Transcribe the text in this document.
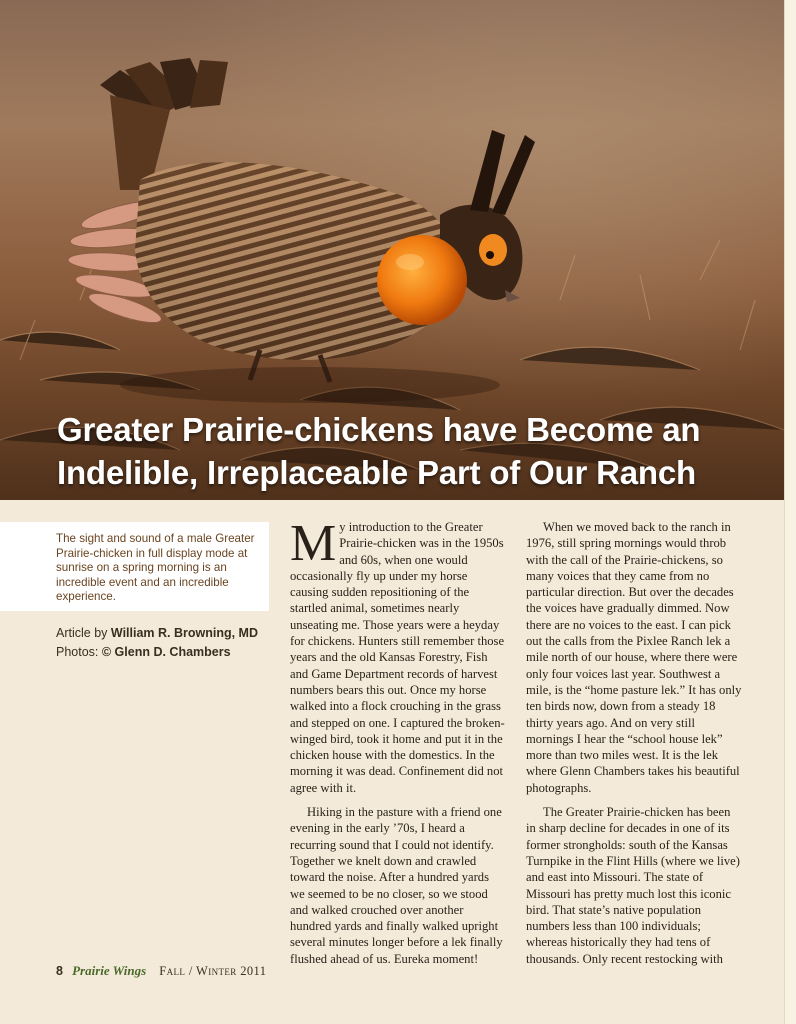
Greater Prairie-chickens have Become an
Indelible, Irreplaceable Part of Our Ranch

The sight and sound of a male Greater Prairie-chicken in full display mode at sunrise on a spring morning is an incredible event and an incredible experience.

Article by William R. Browning, MD
Photos: © Glenn D. Chambers

My introduction to the Greater Prairie-chicken was in the 1950s and 60s, when one would occasionally fly up under my horse causing sudden repositioning of the startled animal, sometimes nearly unseating me. Those years were a heyday for chickens. Hunters still remember those years and the old Kansas Forestry, Fish and Game Department records of harvest numbers bears this out. Once my horse walked into a flock crouching in the grass and stepped on one. I captured the broken-winged bird, took it home and put it in the chicken house with the domestics. In the morning it was dead. Confinement did not agree with it.

Hiking in the pasture with a friend one evening in the early ’70s, I heard a recurring sound that I could not identify. Together we knelt down and crawled toward the noise. After a hundred yards we seemed to be no closer, so we stood and walked crouched over another hundred yards and finally walked upright several minutes longer before a lek finally flushed ahead of us. Eureka moment!

When we moved back to the ranch in 1976, still spring mornings would throb with the call of the Prairie-chickens, so many voices that they came from no particular direction. But over the decades the voices have gradually dimmed. Now there are no voices to the east. I can pick out the calls from the Pixlee Ranch lek a mile north of our house, where there were only four voices last year. Southwest a mile, is the “home pasture lek.” It has only ten birds now, down from a steady 18 thirty years ago. And on very still mornings I hear the “school house lek” more than two miles west. It is the lek where Glenn Chambers takes his beautiful photographs.

The Greater Prairie-chicken has been in sharp decline for decades in one of its former strongholds: south of the Kansas Turnpike in the Flint Hills (where we live) and east into Missouri. The state of Missouri has pretty much lost this iconic bird. That state’s native population numbers less than 100 individuals; whereas historically they had tens of thousands. Only recent restocking with

8 Prairie Wings Fall / Winter 2011
